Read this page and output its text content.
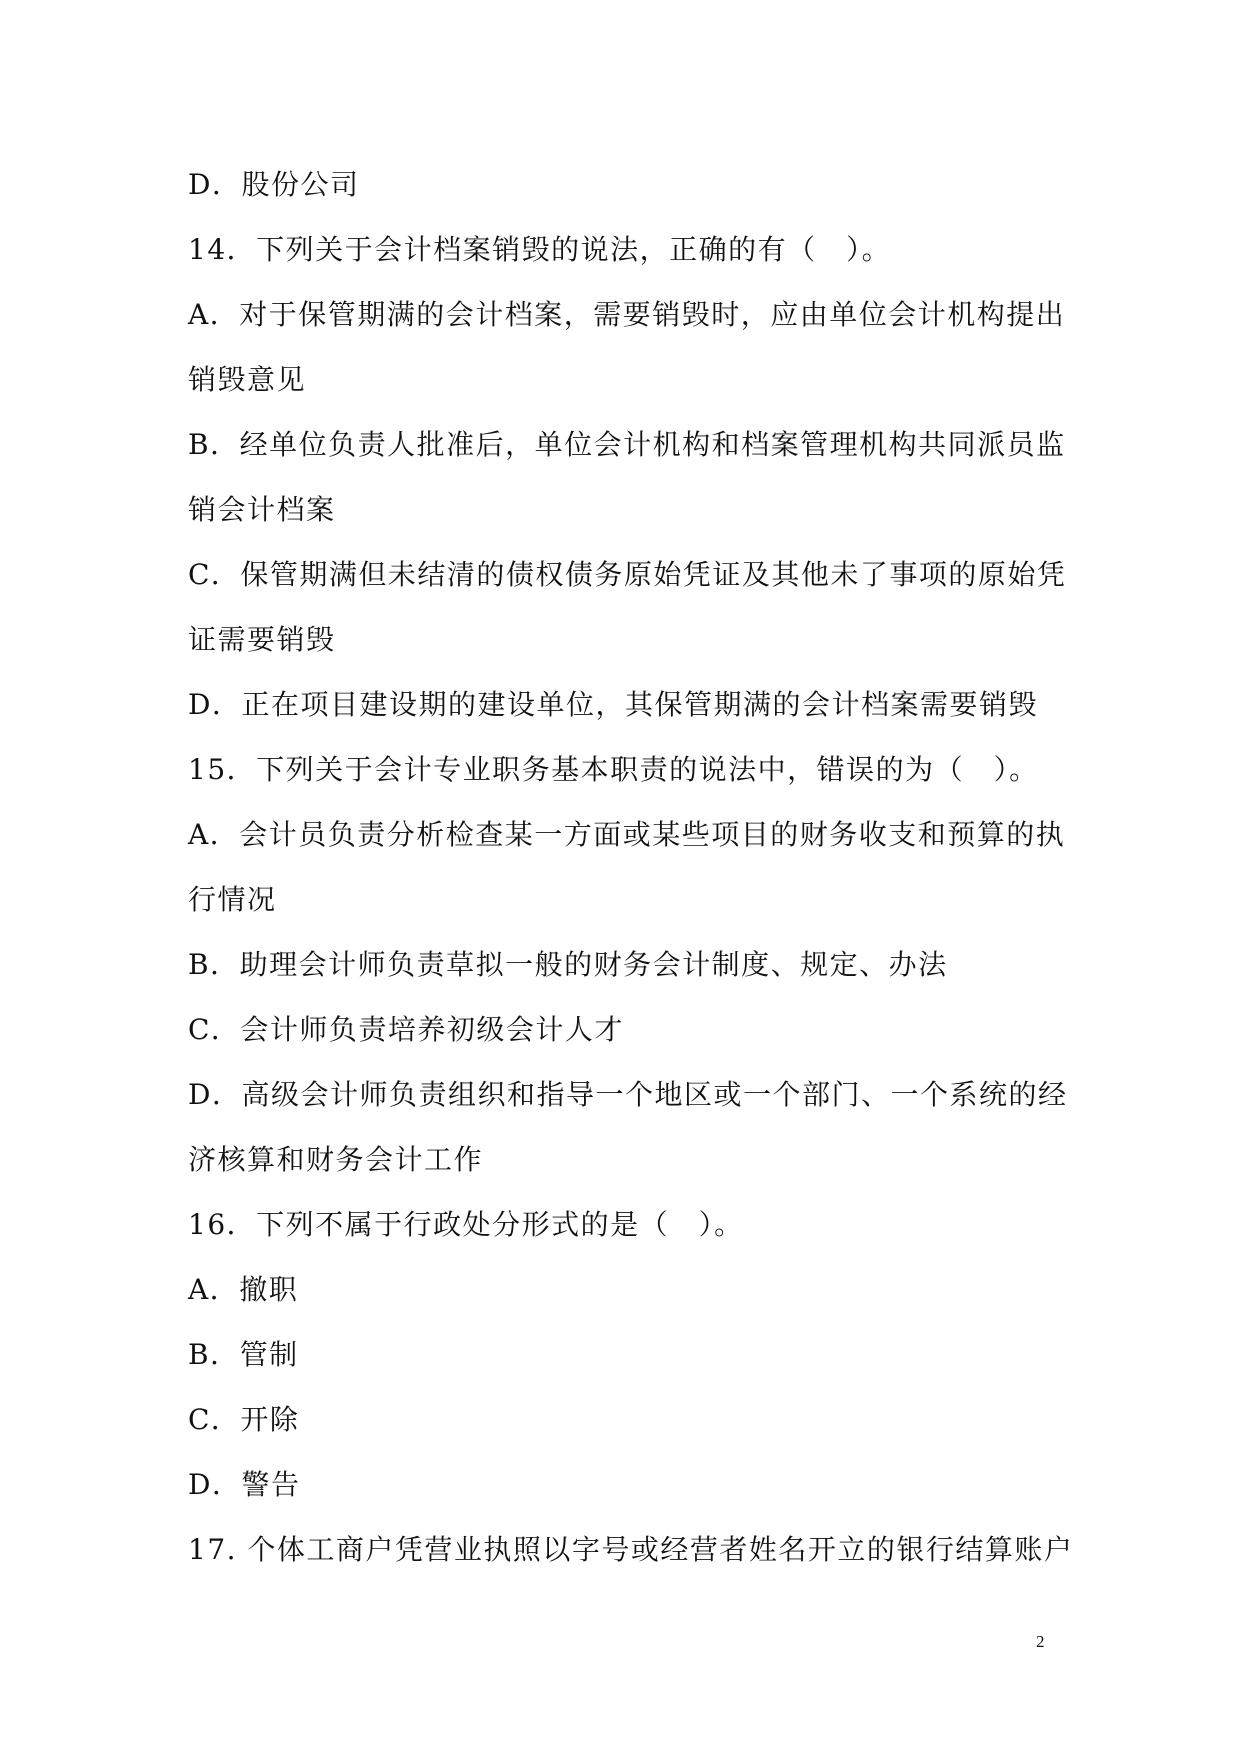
D．股份公司
14．下列关于会计档案销毁的说法，正确的有（　）。
A．对于保管期满的会计档案，需要销毁时，应由单位会计机构提出
销毁意见
B．经单位负责人批准后，单位会计机构和档案管理机构共同派员监
销会计档案
C．保管期满但未结清的债权债务原始凭证及其他未了事项的原始凭
证需要销毁
D．正在项目建设期的建设单位，其保管期满的会计档案需要销毁
15．下列关于会计专业职务基本职责的说法中，错误的为（　）。
A．会计员负责分析检查某一方面或某些项目的财务收支和预算的执
行情况
B．助理会计师负责草拟一般的财务会计制度、规定、办法
C．会计师负责培养初级会计人才
D．高级会计师负责组织和指导一个地区或一个部门、一个系统的经
济核算和财务会计工作
16．下列不属于行政处分形式的是（　）。
A．撤职
B．管制
C．开除
D．警告
17. 个体工商户凭营业执照以字号或经营者姓名开立的银行结算账户
2
